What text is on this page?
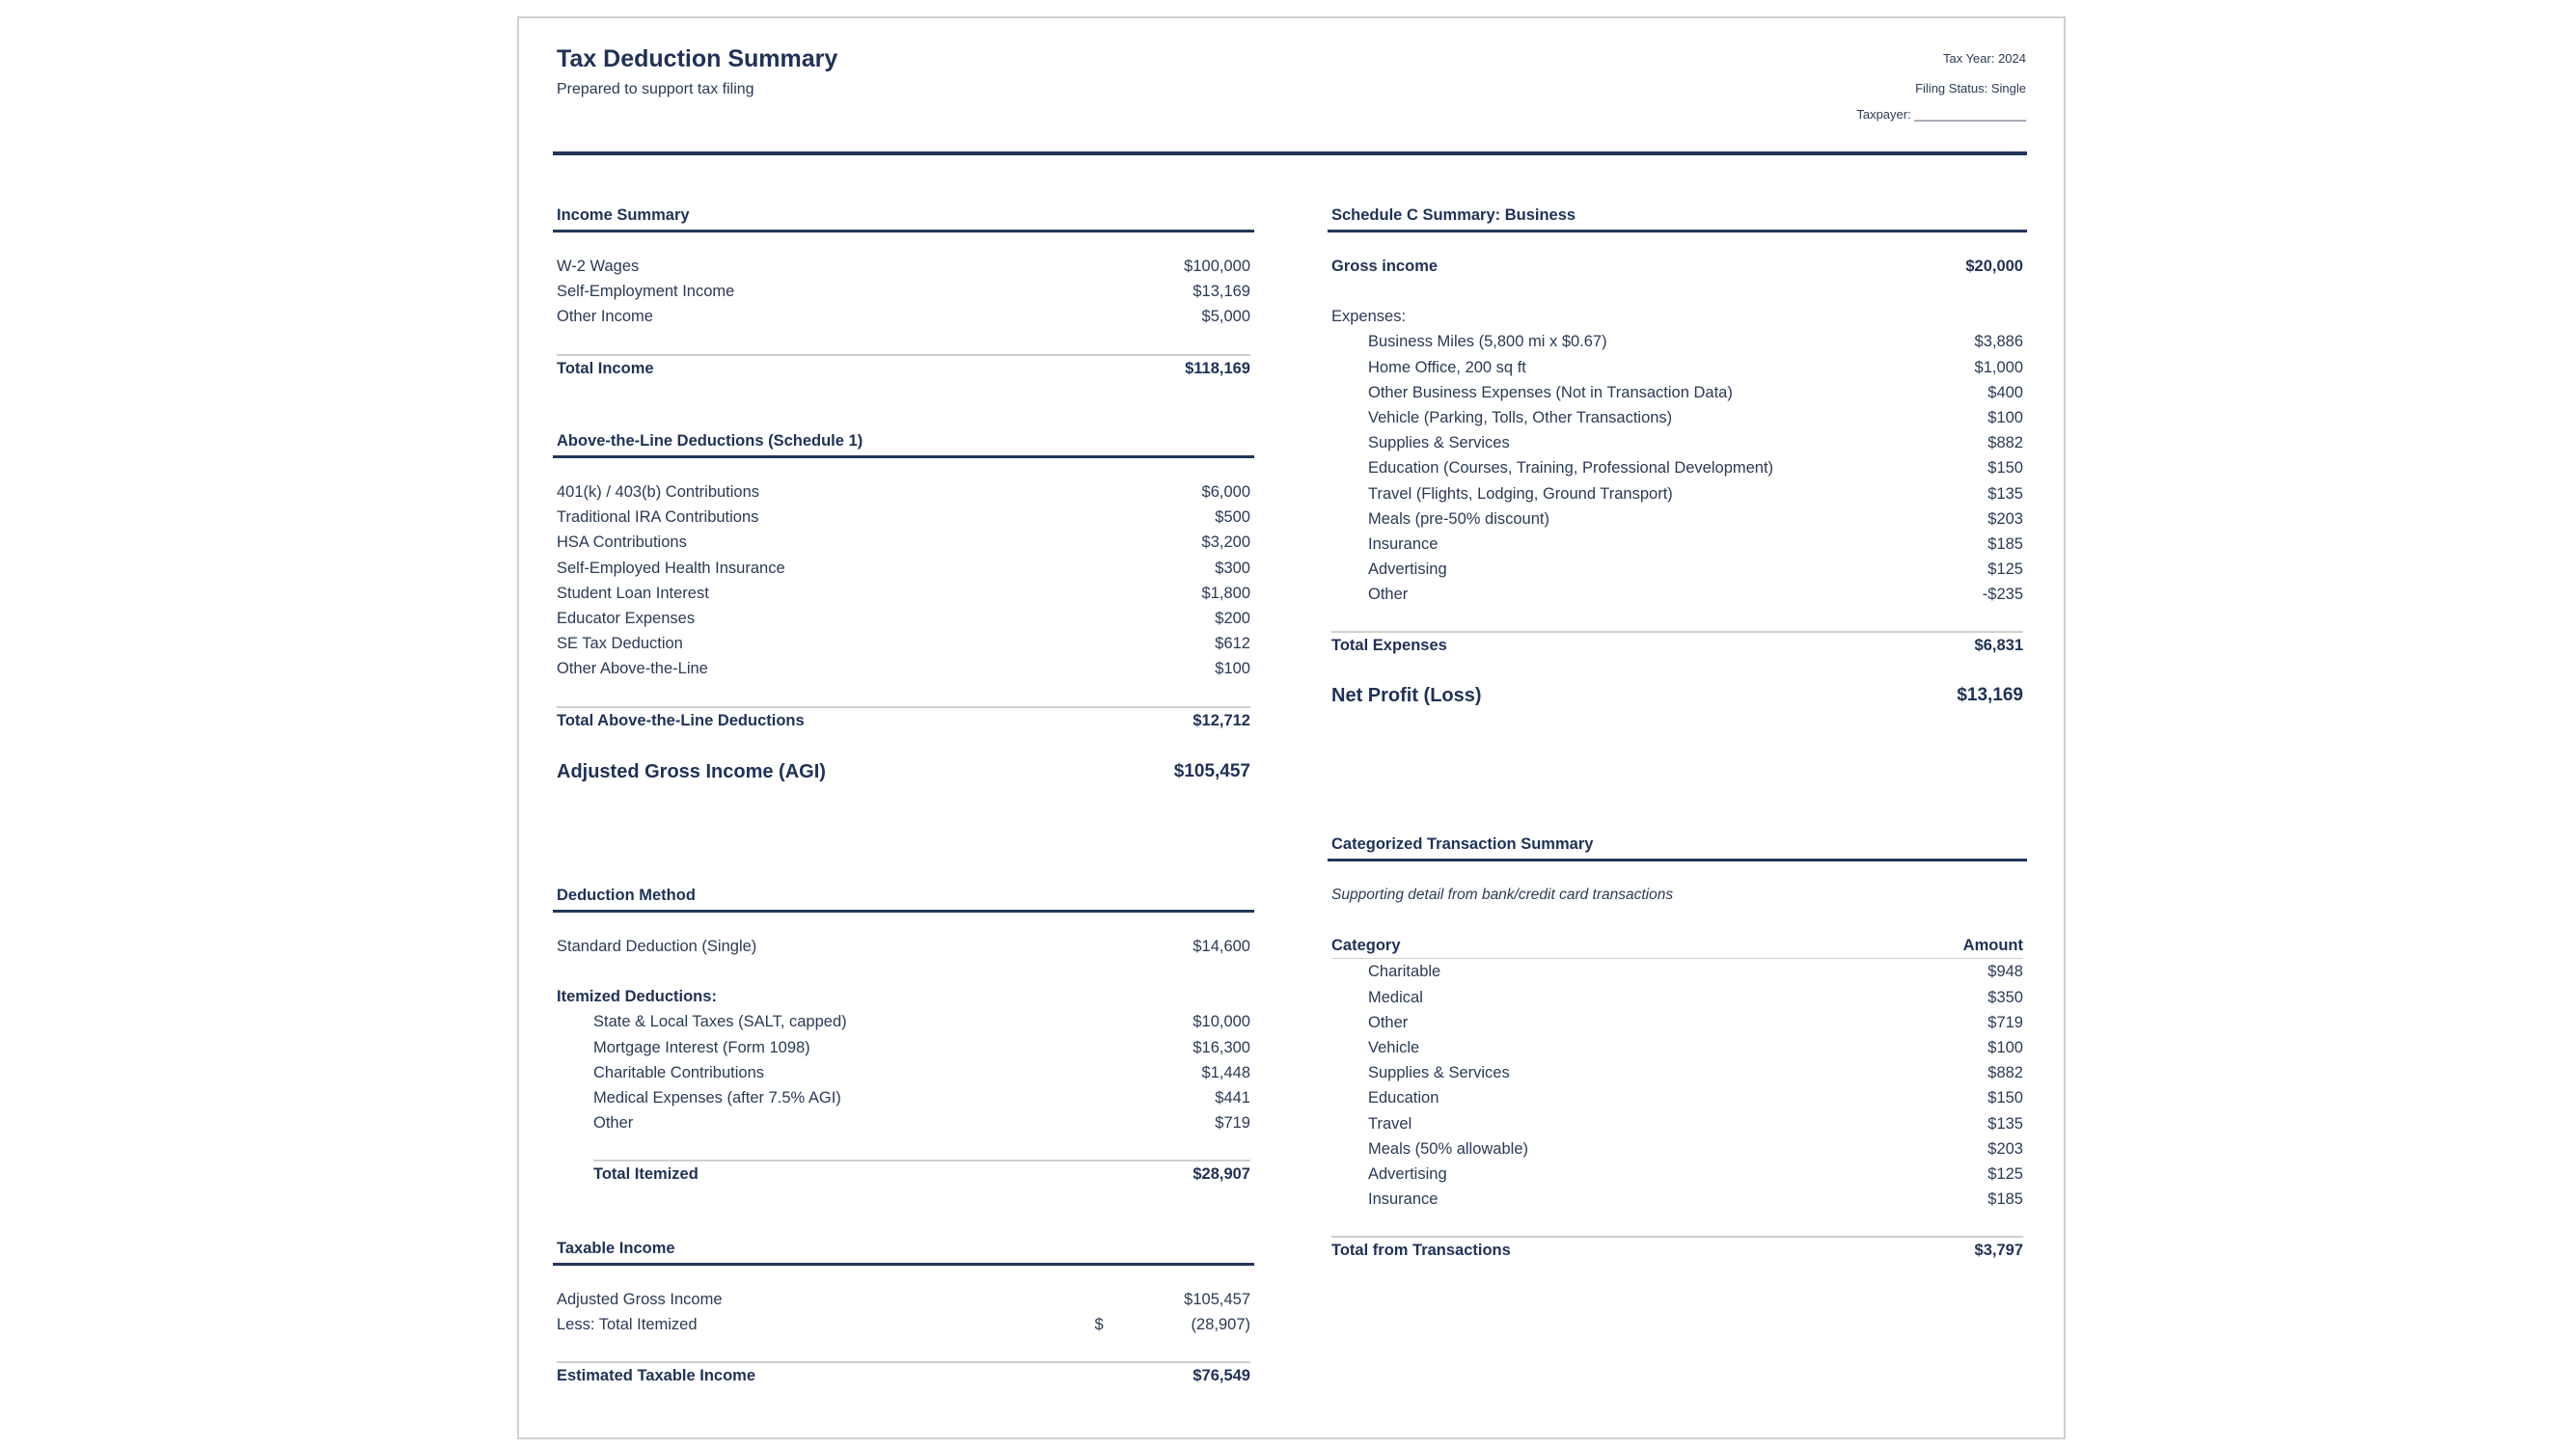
Tax Deduction Summary
Prepared to support tax filing
Tax Year: 2024
Filing Status: Single
Taxpayer: ________________
Income Summary
W-2 Wages	$100,000
Self-Employment Income	$13,169
Other Income	$5,000
Total Income	$118,169
Above-the-Line Deductions (Schedule 1)
401(k) / 403(b) Contributions	$6,000
Traditional IRA Contributions	$500
HSA Contributions	$3,200
Self-Employed Health Insurance	$300
Student Loan Interest	$1,800
Educator Expenses	$200
SE Tax Deduction	$612
Other Above-the-Line	$100
Total Above-the-Line Deductions	$12,712
Adjusted Gross Income (AGI)	$105,457
Deduction Method
Standard Deduction (Single)	$14,600
Itemized Deductions:
State & Local Taxes (SALT, capped)	$10,000
Mortgage Interest (Form 1098)	$16,300
Charitable Contributions	$1,448
Medical Expenses (after 7.5% AGI)	$441
Other	$719
Total Itemized	$28,907
Taxable Income
Adjusted Gross Income	$105,457
Less: Total Itemized	$	(28,907)
Estimated Taxable Income	$76,549
Schedule C Summary: Business
Gross income	$20,000
Expenses:
Business Miles (5,800 mi x $0.67)	$3,886
Home Office, 200 sq ft	$1,000
Other Business Expenses (Not in Transaction Data)	$400
Vehicle (Parking, Tolls, Other Transactions)	$100
Supplies & Services	$882
Education (Courses, Training, Professional Development)	$150
Travel (Flights, Lodging, Ground Transport)	$135
Meals (pre-50% discount)	$203
Insurance	$185
Advertising	$125
Other	-$235
Total Expenses	$6,831
Net Profit (Loss)	$13,169
Categorized Transaction Summary
Supporting detail from bank/credit card transactions
Category	Amount
Charitable	$948
Medical	$350
Other	$719
Vehicle	$100
Supplies & Services	$882
Education	$150
Travel	$135
Meals (50% allowable)	$203
Advertising	$125
Insurance	$185
Total from Transactions	$3,797
